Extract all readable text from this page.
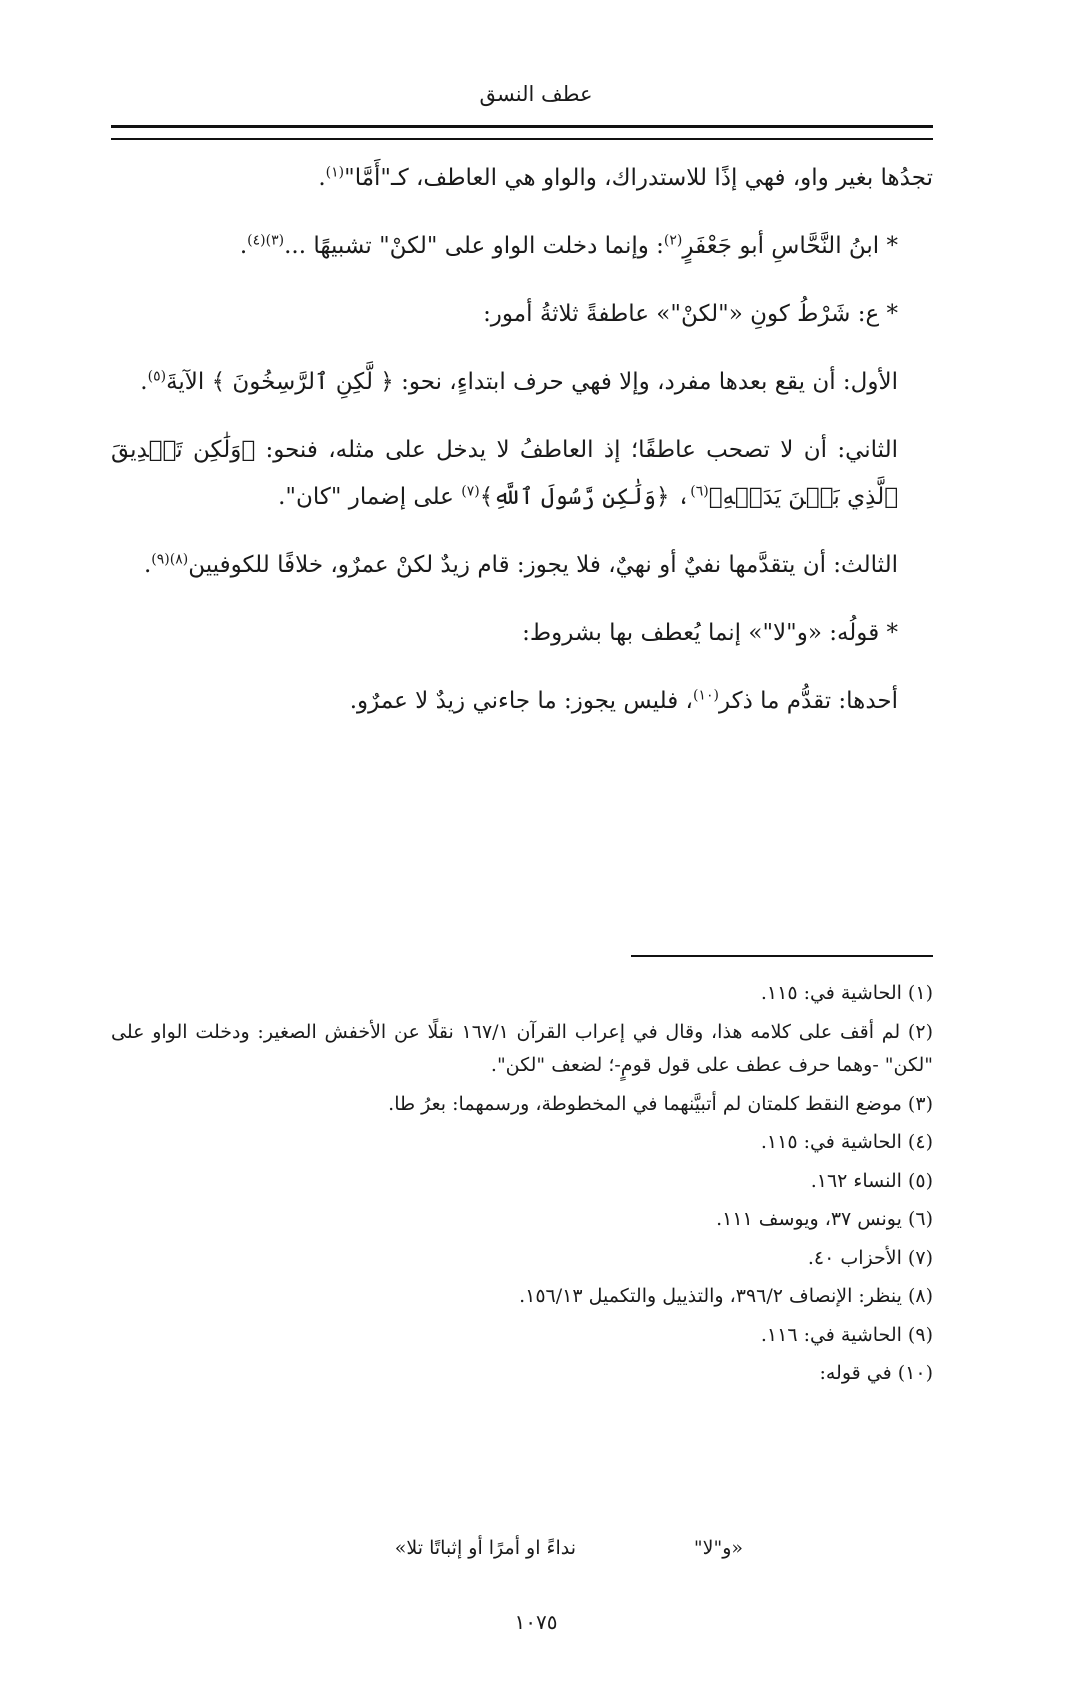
عطف النسق

تجدُها بغير واو، فهي إذًا للاستدراك، والواو هي العاطف، كـ"أَمَّا"$^{(١)}$.

* ابنُ النَّحَّاسِ أبو جَعْفَرٍ$^{(٢)}$: وإنما دخلت الواو على "لكنْ" تشبيهًا ...$^{(٣)(٤)}$.

* ع: شَرْطُ كونِ «"لكنْ"» عاطفةً ثلاثةُ أمور:

الأول: أن يقع بعدها مفرد، وإلا فهي حرف ابتداءٍ، نحو: ﴿ لَّكِنِ ٱلرَّسِخُونَ ﴾ الآيةَ$^{(٥)}$.

الثاني: أن لا تصحب عاطفًا؛ إذ العاطفُ لا يدخل على مثله، فنحو: ﴿وَلَٰكِن تَصۡدِيقَ ٱلَّذِي بَيۡنَ يَدَيۡهِ﴾$^{(٦)}$، ﴿وَلَٰكِن رَّسُولَ ٱللَّهِ﴾$^{(٧)}$ على إضمار "كان".

الثالث: أن يتقدَّمها نفيٌ أو نهيٌ، فلا يجوز: قام زيدٌ لكنْ عمرٌو، خلافًا للكوفيين$^{(٨)(٩)}$.

* قولُه: «و"لا"» إنما يُعطف بها بشروط:

أحدها: تقدُّم ما ذكر$^{(١٠)}$، فليس يجوز: ما جاءني زيدٌ لا عمرٌو.

(١) الحاشية في: ١١٥.
(٢) لم أقف على كلامه هذا، وقال في إعراب القرآن ١٦٧/١ نقلًا عن الأخفش الصغير: ودخلت الواو على "لكن" -وهما حرف عطف على قول قومٍ-؛ لضعف "لكن".
(٣) موضع النقط كلمتان لم أتبيَّنهما في المخطوطة، ورسمهما: بعرُ طا.
(٤) الحاشية في: ١١٥.
(٥) النساء ١٦٢.
(٦) يونس ٣٧، ويوسف ١١١.
(٧) الأحزاب ٤٠.
(٨) ينظر: الإنصاف ٣٩٦/٢، والتذييل والتكميل ١٥٦/١٣.
(٩) الحاشية في: ١١٦.
(١٠) في قوله:
«و"لا"
نداءً او أمرًا أو إثباتًا تلا»
١٠٧٥
